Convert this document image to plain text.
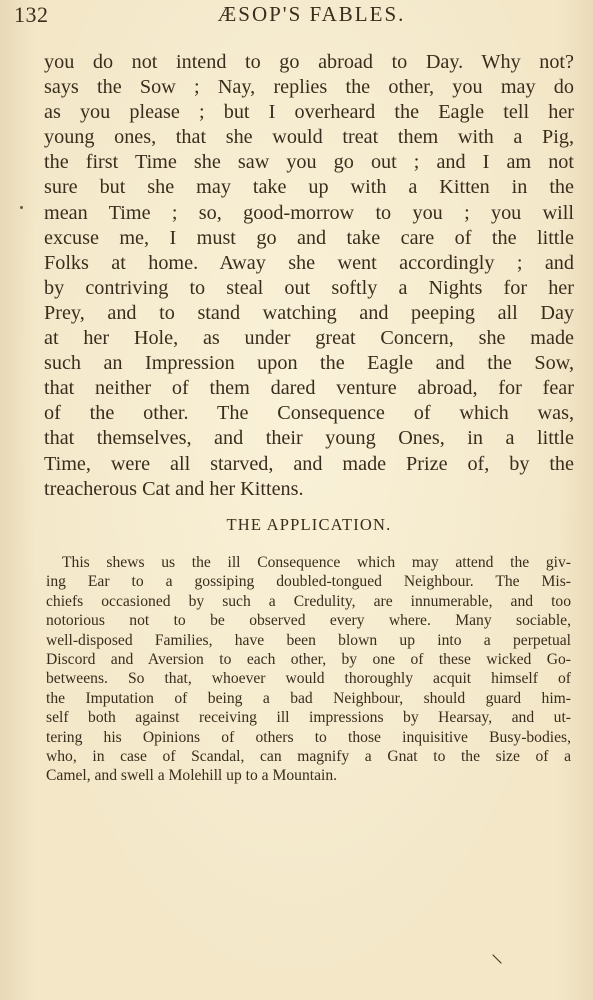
132	ÆSOP'S FABLES.
you do not intend to go abroad to Day. Why not?
says the Sow ; Nay, replies the other, you may do
as you please ; but I overheard the Eagle tell her
young ones, that she would treat them with a Pig,
the first Time she saw you go out ; and I am not
sure but she may take up with a Kitten in the
mean Time ; so, good-morrow to you ; you will
excuse me, I must go and take care of the little
Folks at home. Away she went accordingly ; and
by contriving to steal out softly a Nights for her
Prey, and to stand watching and peeping all Day
at her Hole, as under great Concern, she made
such an Impression upon the Eagle and the Sow,
that neither of them dared venture abroad, for fear
of the other. The Consequence of which was,
that themselves, and their young Ones, in a little
Time, were all starved, and made Prize of, by the
treacherous Cat and her Kittens.
THE APPLICATION.
This shews us the ill Consequence which may attend the giv-
ing Ear to a gossiping doubled-tongued Neighbour. The Mis-
chiefs occasioned by such a Credulity, are innumerable, and too
notorious not to be observed every where. Many sociable,
well-disposed Families, have been blown up into a perpetual
Discord and Aversion to each other, by one of these wicked Go-
betweens. So that, whoever would thoroughly acquit himself of
the Imputation of being a bad Neighbour, should guard him-
self both against receiving ill impressions by Hearsay, and ut-
tering his Opinions of others to those inquisitive Busy-bodies,
who, in case of Scandal, can magnify a Gnat to the size of a
Camel, and swell a Molehill up to a Mountain.
